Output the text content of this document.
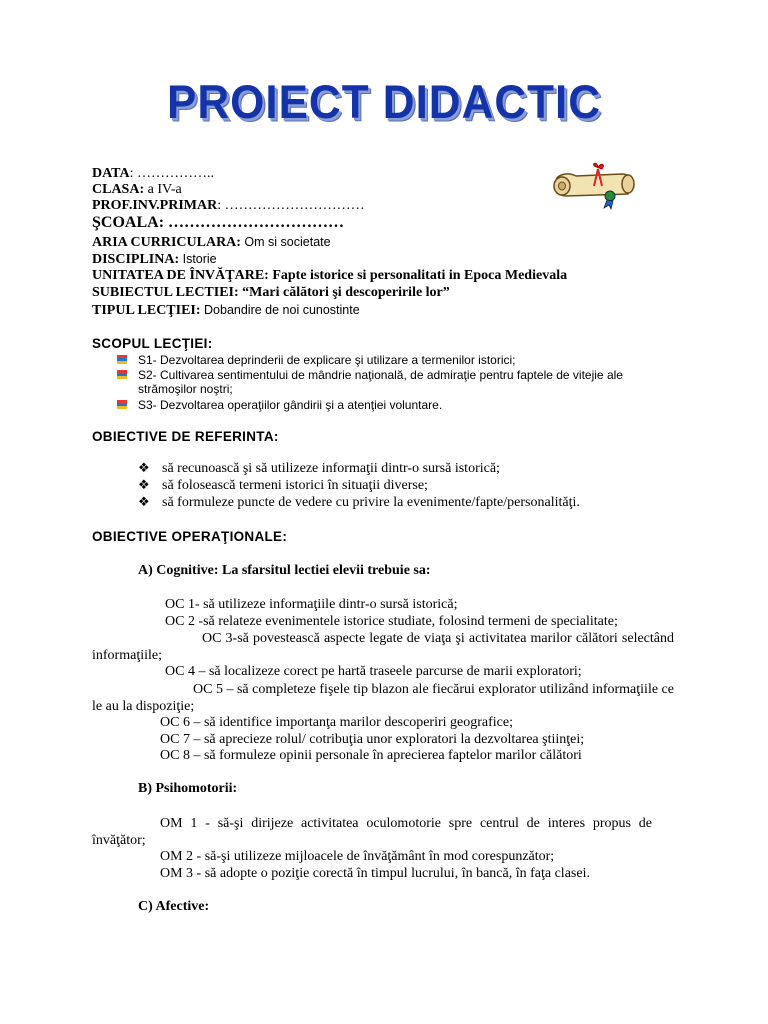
PROIECT DIDACTIC
DATA: ……………..
CLASA: a IV-a
PROF.INV.PRIMAR: …………………………
ŞCOALA: ……………………………
ARIA CURRICULARA: Om si societate
DISCIPLINA: Istorie
UNITATEA DE ÎNVĂŢARE: Fapte istorice si personalitati in Epoca Medievala
SUBIECTUL LECTIEI: “Mari călători şi descoperirile lor”
TIPUL LECŢIEI: Dobandire de noi cunostinte
SCOPUL LECŢIEI:
S1- Dezvoltarea deprinderii de explicare şi utilizare a termenilor istorici;
S2- Cultivarea sentimentului de mândrie naţională, de admiraţie pentru faptele de vitejie ale strămoşilor noştri;
S3- Dezvoltarea operaţiilor gândirii şi a atenţiei voluntare.
OBIECTIVE DE REFERINTA:
❖ să recunoască şi să utilizeze informaţii dintr-o sursă istorică;
❖ să folosească termeni istorici în situaţii diverse;
❖ să formuleze puncte de vedere cu privire la evenimente/fapte/personalităţi.
OBIECTIVE OPERAŢIONALE:
A) Cognitive: La sfarsitul lectiei elevii trebuie sa:
OC 1- să utilizeze informaţiile dintr-o sursă istorică;
OC 2 -să relateze evenimentele istorice studiate, folosind termeni de specialitate;
OC 3-să povestească aspecte legate de viaţa şi activitatea marilor călători selectând informaţiile;
OC 4 – să localizeze corect pe hartă traseele parcurse de marii exploratori;
OC 5 – să completeze fişele tip blazon ale fiecărui explorator utilizând informaţiile ce le au la dispoziţie;
OC 6 – să identifice importanţa marilor descoperiri geografice;
OC 7 – să aprecieze rolul/ cotribuţia unor exploratori la dezvoltarea ştiinţei;
OC 8 – să formuleze opinii personale în aprecierea faptelor marilor călători
B) Psihomotorii:
OM 1 - să-şi dirijeze activitatea oculomotorie spre centrul de interes propus de învăţător;
OM 2 - să-şi utilizeze mijloacele de învăţământ în mod corespunzător;
OM 3 - să adopte o poziţie corectă în timpul lucrului, în bancă, în faţa clasei.
C) Afective:
